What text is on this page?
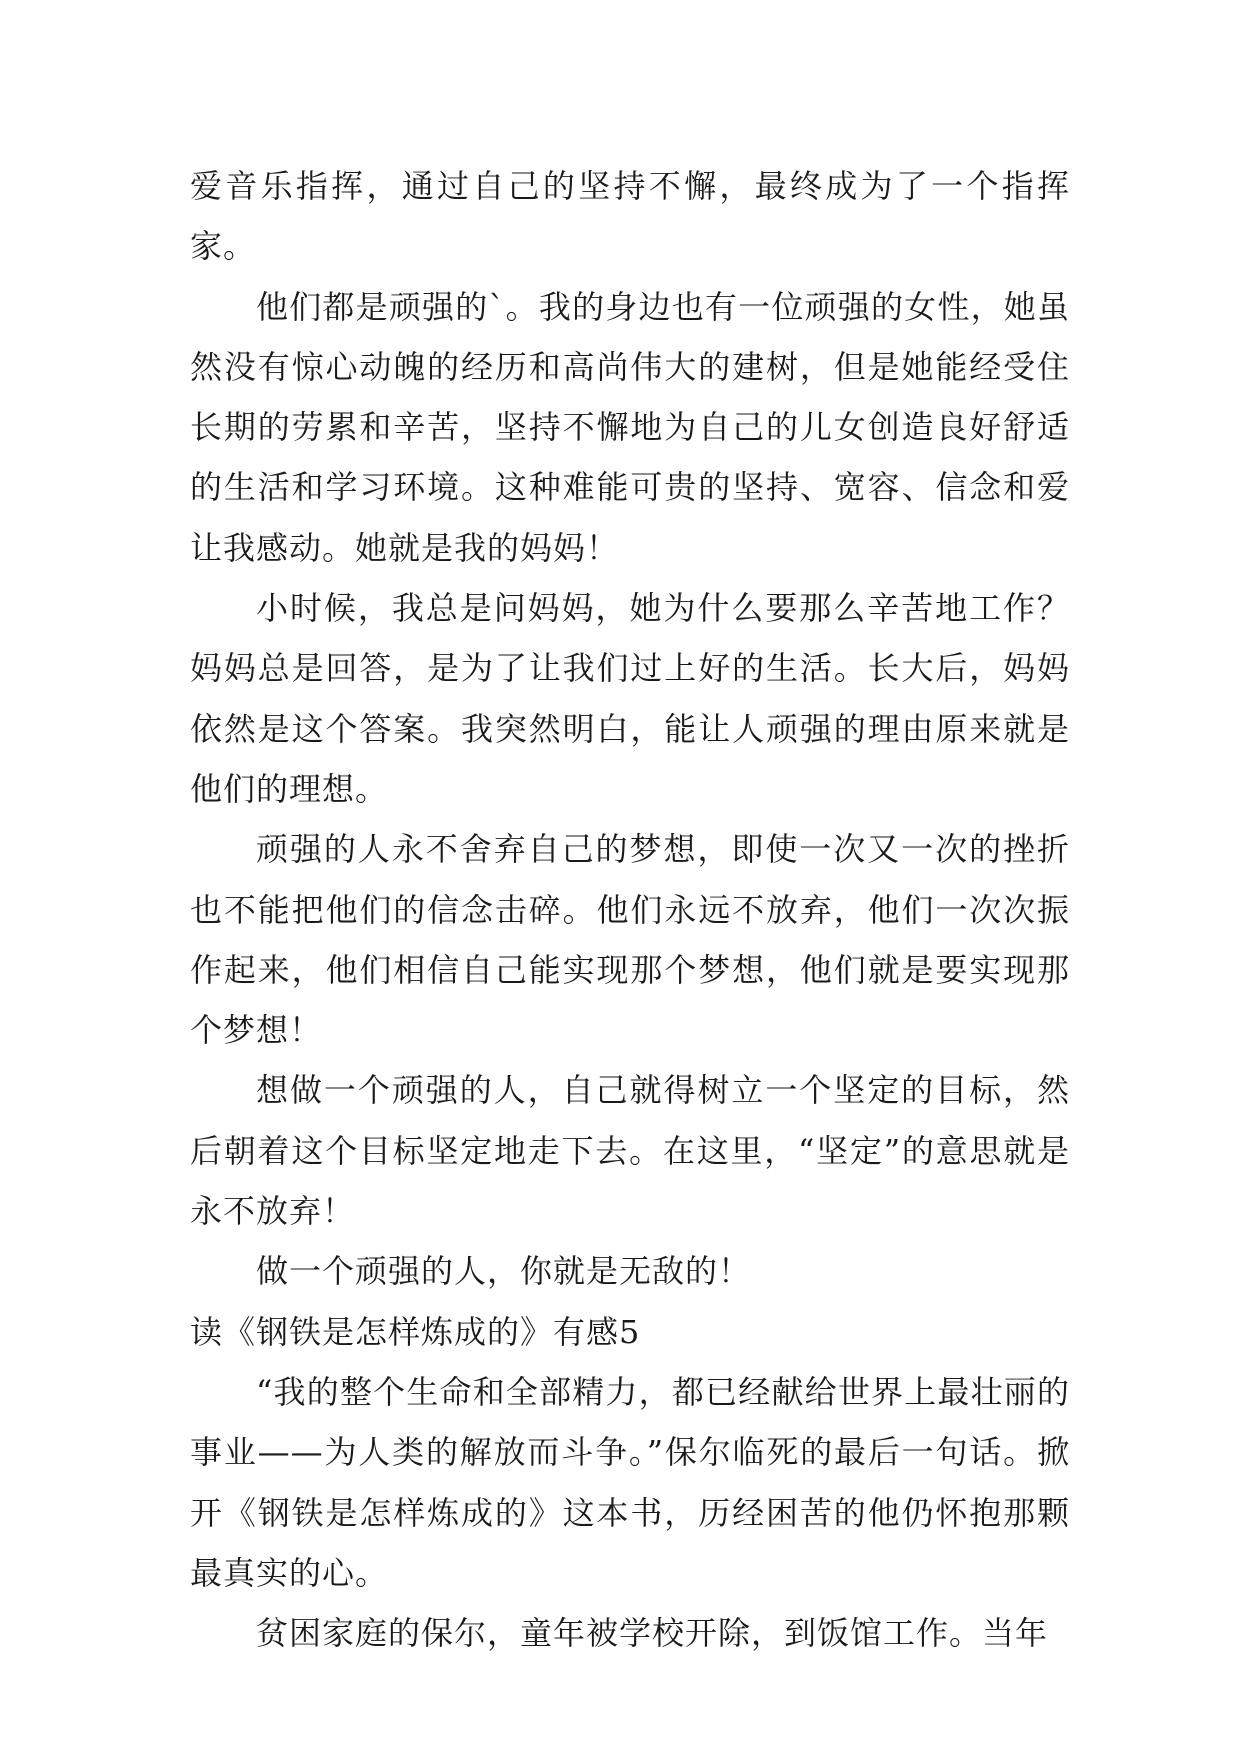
爱音乐指挥，通过自己的坚持不懈，最终成为了一个指挥家。

他们都是顽强的`。我的身边也有一位顽强的女性，她虽然没有惊心动魄的经历和高尚伟大的建树，但是她能经受住长期的劳累和辛苦，坚持不懈地为自己的儿女创造良好舒适的生活和学习环境。这种难能可贵的坚持、宽容、信念和爱让我感动。她就是我的妈妈！

小时候，我总是问妈妈，她为什么要那么辛苦地工作？妈妈总是回答，是为了让我们过上好的生活。长大后，妈妈依然是这个答案。我突然明白，能让人顽强的理由原来就是他们的理想。

顽强的人永不舍弃自己的梦想，即使一次又一次的挫折也不能把他们的信念击碎。他们永远不放弃，他们一次次振作起来，他们相信自己能实现那个梦想，他们就是要实现那个梦想！

想做一个顽强的人，自己就得树立一个坚定的目标，然后朝着这个目标坚定地走下去。在这里，“坚定”的意思就是永不放弃！

做一个顽强的人，你就是无敌的！

读《钢铁是怎样炼成的》有感5

“我的整个生命和全部精力，都已经献给世界上最壮丽的事业——为人类的解放而斗争。”保尔临死的最后一句话。掀开《钢铁是怎样炼成的》这本书，历经困苦的他仍怀抱那颗最真实的心。

贫困家庭的保尔，童年被学校开除，到饭馆工作。当年
